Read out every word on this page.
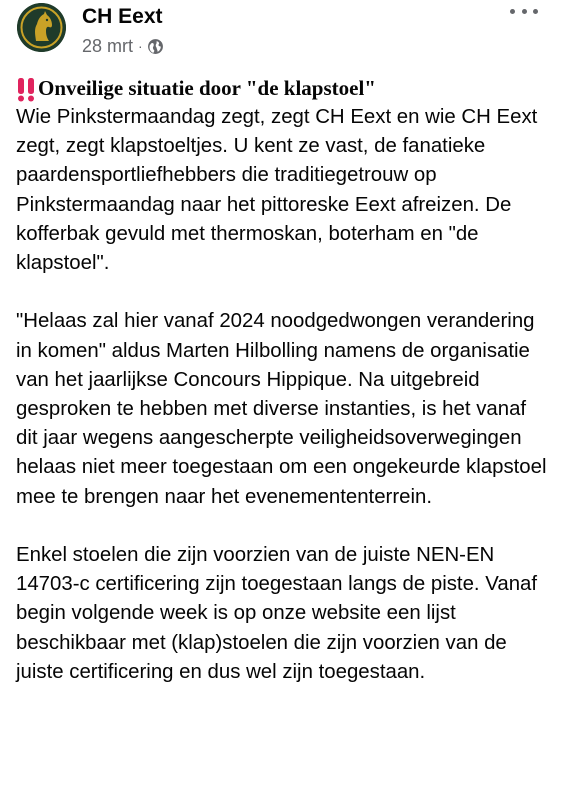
CH Eext
28 mrt ·
Onveilige situatie door "de klapstoel"

Wie Pinkstermaandag zegt, zegt CH Eext en wie CH Eext zegt, zegt klapstoeltjes. U kent ze vast, de fanatieke paardensportliefhebbers die traditiegetrouw op Pinkstermaandag naar het pittoreske Eext afreizen. De kofferbak gevuld met thermoskan, boterham en "de klapstoel".

"Helaas zal hier vanaf 2024 noodgedwongen verandering in komen" aldus Marten Hilbolling namens de organisatie van het jaarlijkse Concours Hippique. Na uitgebreid gesproken te hebben met diverse instanties, is het vanaf dit jaar wegens aangescherpte veiligheidsoverwegingen helaas niet meer toegestaan om een ongekeurde klapstoel mee te brengen naar het evenemententerrein.

Enkel stoelen die zijn voorzien van de juiste NEN-EN 14703-c certificering zijn toegestaan langs de piste. Vanaf begin volgende week is op onze website een lijst beschikbaar met (klap)stoelen die zijn voorzien van de juiste certificering en dus wel zijn toegestaan.
